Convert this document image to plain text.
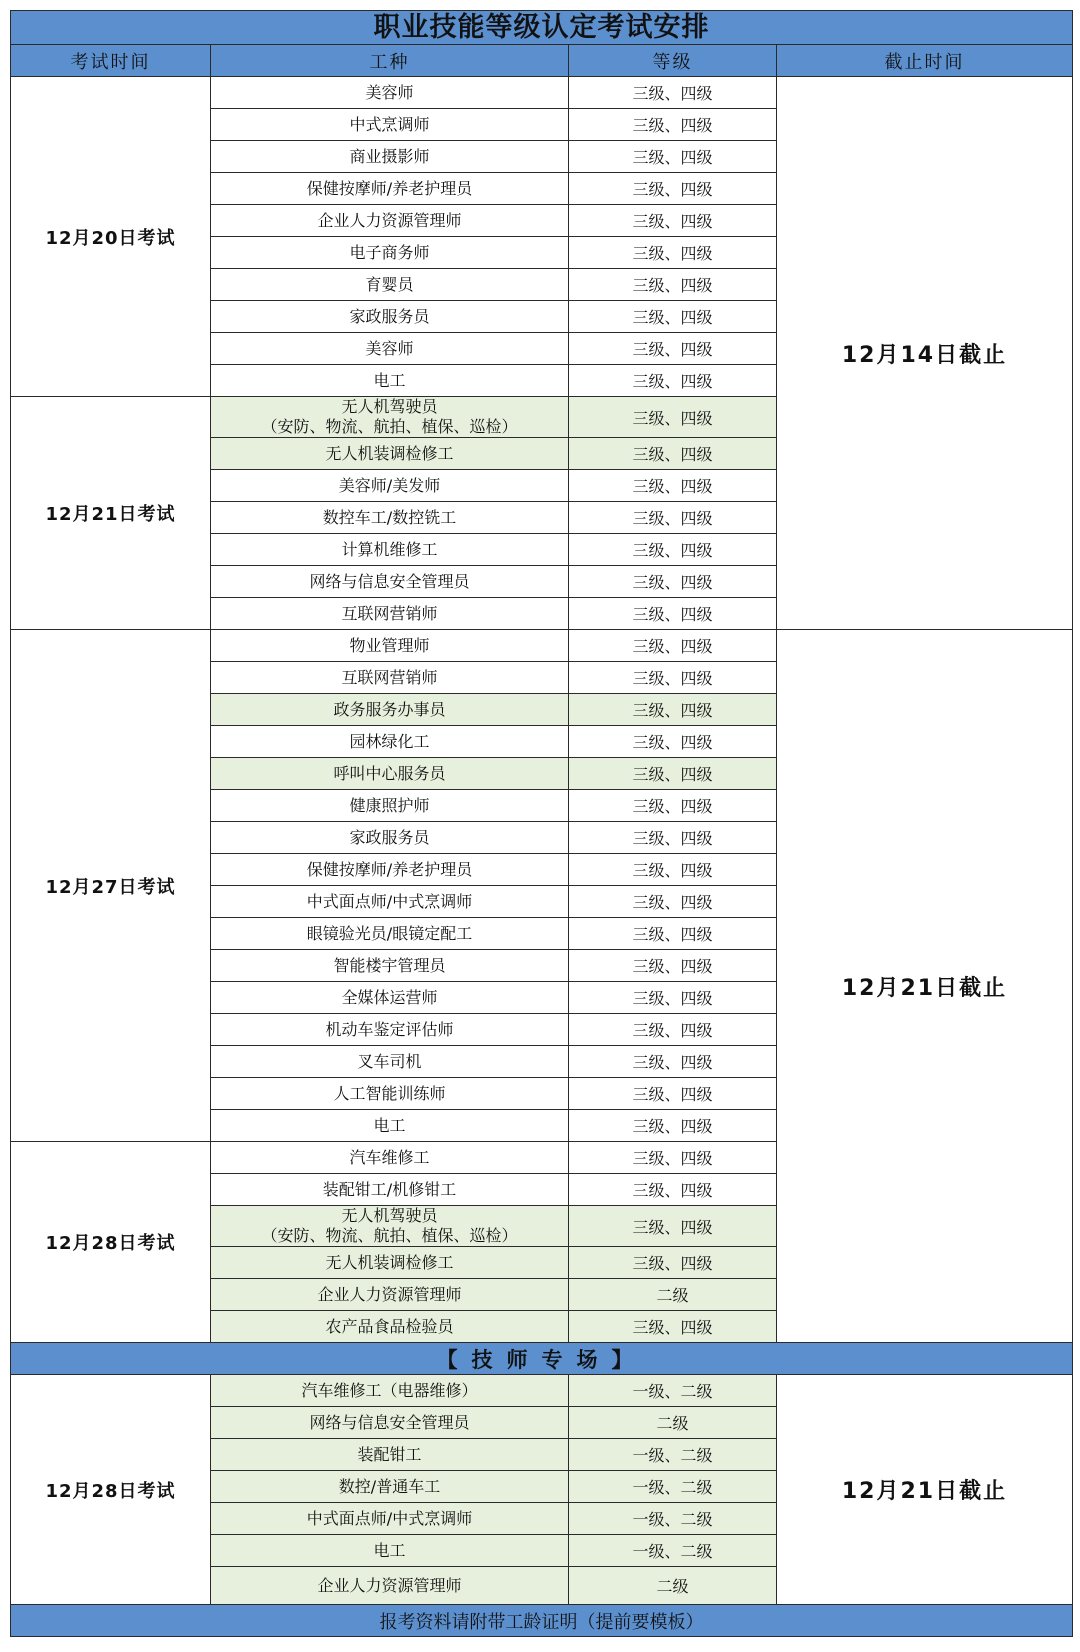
职业技能等级认定考试安排			
考试时间	工种	等级	截止时间
12月20日考试	美容师	三级、四级	12月14日截止

	中式烹调师	三级、四级	

	商业摄影师	三级、四级	

	保健按摩师/养老护理员	三级、四级	

	企业人力资源管理师	三级、四级	

	电子商务师	三级、四级	

	育婴员	三级、四级	

	家政服务员	三级、四级	

	美容师	三级、四级	

	电工	三级、四级	
12月21日考试	无人机驾驶员
（安防、物流、航拍、植保、巡检）	三级、四级	

	无人机装调检修工	三级、四级	

	美容师/美发师	三级、四级	

	数控车工/数控铣工	三级、四级	

	计算机维修工	三级、四级	

	网络与信息安全管理员	三级、四级	

	互联网营销师	三级、四级	
12月27日考试	物业管理师	三级、四级	12月21日截止

	互联网营销师	三级、四级	

	政务服务办事员	三级、四级	

	园林绿化工	三级、四级	

	呼叫中心服务员	三级、四级	

	健康照护师	三级、四级	

	家政服务员	三级、四级	

	保健按摩师/养老护理员	三级、四级	

	中式面点师/中式烹调师	三级、四级	

	眼镜验光员/眼镜定配工	三级、四级	

	智能楼宇管理员	三级、四级	

	全媒体运营师	三级、四级	

	机动车鉴定评估师	三级、四级	

	叉车司机	三级、四级	

	人工智能训练师	三级、四级	

	电工	三级、四级	
12月28日考试	汽车维修工	三级、四级	

	装配钳工/机修钳工	三级、四级	

	无人机驾驶员
（安防、物流、航拍、植保、巡检）	三级、四级	

	无人机装调检修工	三级、四级	

	企业人力资源管理师	二级	

	农产品食品检验员	三级、四级	
【技师专场】			
12月28日考试	汽车维修工（电器维修）	一级、二级	12月21日截止

	网络与信息安全管理员	二级	

	装配钳工	一级、二级	

	数控/普通车工	一级、二级	

	中式面点师/中式烹调师	一级、二级	

	电工	一级、二级	

	企业人力资源管理师	二级	
报考资料请附带工龄证明（提前要模板）			
